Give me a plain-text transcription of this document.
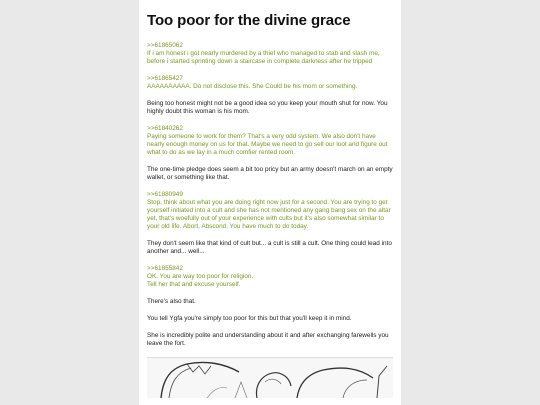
Too poor for the divine grace
>>61865062
If i am honest i got nearly murdered by a thief who managed to stab and slash me, before i started sprinting down a staircase in complete darkness after he tripped
>>61865427
AAAAAAAAAA. Do not disclose this. She Could be his mom or something.
Being too honest might not be a good idea so you keep your mouth shut for now. You highly doubt this woman is his mom.
>>61840262
Paying someone to work for them? That's a very odd system. We also don't have nearly enough money on us for that. Maybe we need to go sell our loot and figure out what to do as we lay in a much comfier rented room.
The one-time pledge does seem a bit too pricy but an army doesn't march on an empty wallet, or something like that.
>>61880949
Stop, think about what you are doing right now just for a second. You are trying to get yourself initiated into a cult and she has not mentioned any gang bang sex on the altar yet, that's woefully out of your experience with cults but it's also somewhat similar to your old life. Abort, Abscond. You have much to do today.
They don't seem like that kind of cult but... a cult is still a cult. One thing could lead into another and... well...
>>61855842
OK. You are way too poor for religion.
Tell her that and excuse yourself.
There's also that.
You tell Ygfa you're simply too poor for this but that you'll keep it in mind.
She is incredibly polite and understanding about it and after exchanging farewells you leave the fort.
